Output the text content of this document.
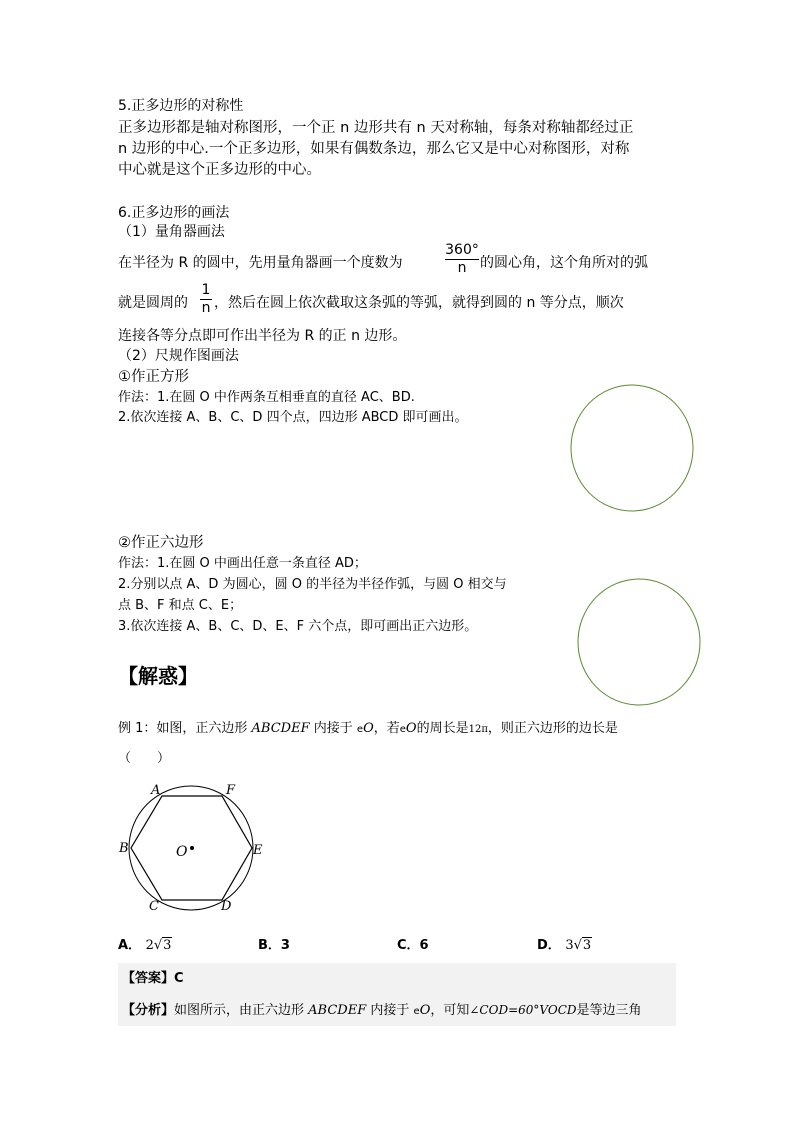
5.正多边形的对称性
正多边形都是轴对称图形，一个正 n 边形共有 n 天对称轴，每条对称轴都经过正
n 边形的中心.一个正多边形，如果有偶数条边，那么它又是中心对称图形，对称
中心就是这个正多边形的中心。
6.正多边形的画法
（1）量角器画法
在半径为 R 的圆中，先用量角器画一个度数为	$\frac{360^\circ}{n}$ 的圆心角，这个角所对的弧
就是圆周的 $\frac{1}{n}$ ，然后在圆上依次截取这条弧的等弧，就得到圆的 n 等分点，顺次
连接各等分点即可作出半径为 R 的正 n 边形。
（2）尺规作图画法
①作正方形
作法：1.在圆 O 中作两条互相垂直的直径 AC、BD.
2.依次连接 A、B、C、D 四个点，四边形 ABCD 即可画出。
②作正六边形
作法：1.在圆 O 中画出任意一条直径 AD；
2.分别以点 A、D 为圆心，圆 O 的半径为半径作弧，与圆 O 相交与
点 B、F 和点 C、E；
3.依次连接 A、B、C、D、E、F 六个点，即可画出正六边形。
【解惑】
例 1：如图，正六边形 ABCDEF 内接于 eO，若eO的周长是12π，则正六边形的边长是
（　　）
A	F
B	E
C	D
O
A． 2√3	B．3	C．6	D． 3√3
【答案】C
【分析】如图所示，由正六边形 ABCDEF 内接于 eO，可知∠COD=60°VOCD是等边三角
